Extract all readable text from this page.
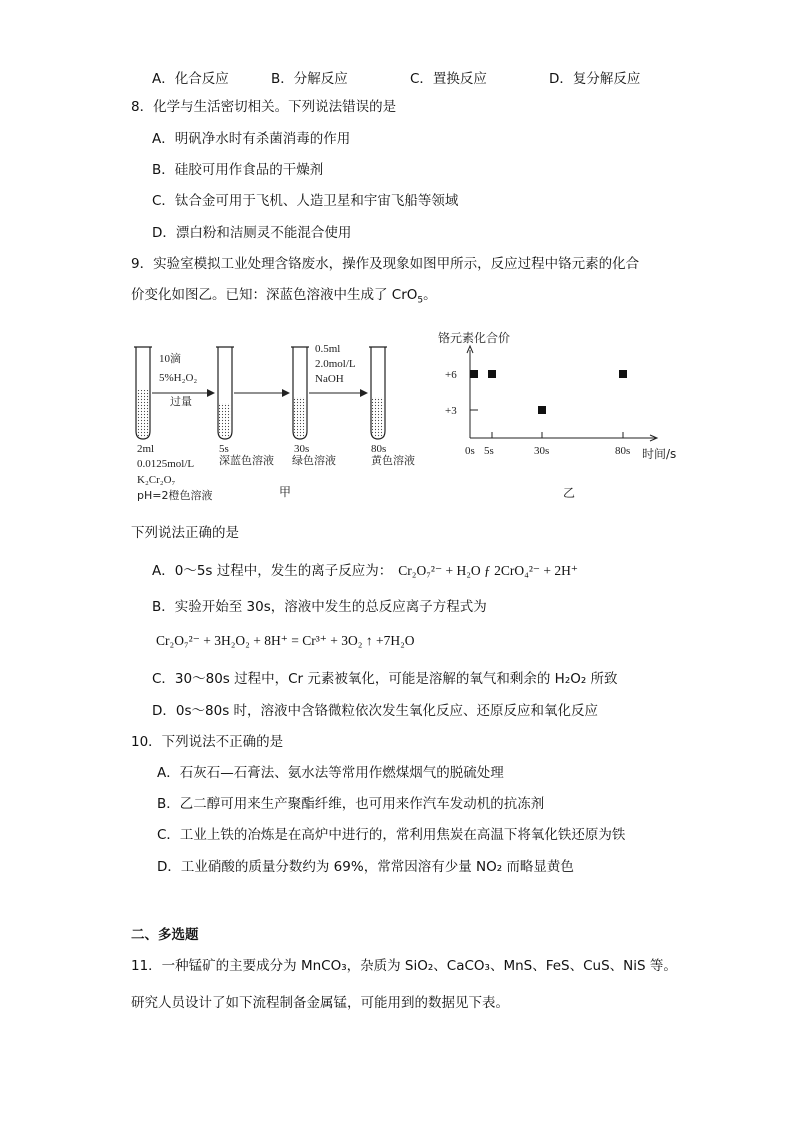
A．化合反应	B．分解反应	C．置换反应	D．复分解反应
8．化学与生活密切相关。下列说法错误的是
A．明矾净水时有杀菌消毒的作用
B．硅胶可用作食品的干燥剂
C．钛合金可用于飞机、人造卫星和宇宙飞船等领域
D．漂白粉和洁厕灵不能混合使用
9．实验室模拟工业处理含铬废水，操作及现象如图甲所示，反应过程中铬元素的化合
价变化如图乙。已知：深蓝色溶液中生成了 CrO$_5$。
10滴
5%H₂O₂
过量
0.5ml
2.0mol/L
NaOH
2ml	5s
深蓝色溶液
30s
绿色溶液
80s
黄色溶液
0.0125mol/L
K₂Cr₂O₇
pH=2橙色溶液	甲
铬元素化合价
时间/s
+6
+3
0s 5s	30s	80s
乙
下列说法正确的是
A．0～5s 过程中，发生的离子反应为： Cr₂O₇²⁻ + H₂O ƒ 2CrO₄²⁻ + 2H⁺
B．实验开始至 30s，溶液中发生的总反应离子方程式为
Cr₂O₇²⁻ + 3H₂O₂ + 8H⁺ = Cr³⁺ + 3O₂ ↑ +7H₂O
C．30～80s 过程中，Cr 元素被氧化，可能是溶解的氧气和剩余的 H₂O₂ 所致
D．0s～80s 时，溶液中含铬微粒依次发生氧化反应、还原反应和氧化反应
10．下列说法不正确的是
A．石灰石—石膏法、氨水法等常用作燃煤烟气的脱硫处理
B．乙二醇可用来生产聚酯纤维，也可用来作汽车发动机的抗冻剂
C．工业上铁的冶炼是在高炉中进行的，常利用焦炭在高温下将氧化铁还原为铁
D．工业硝酸的质量分数约为 69%，常常因溶有少量 NO₂ 而略显黄色
二、多选题
11．一种锰矿的主要成分为 MnCO₃，杂质为 SiO₂、CaCO₃、MnS、FeS、CuS、NiS 等。
研究人员设计了如下流程制备金属锰，可能用到的数据见下表。
